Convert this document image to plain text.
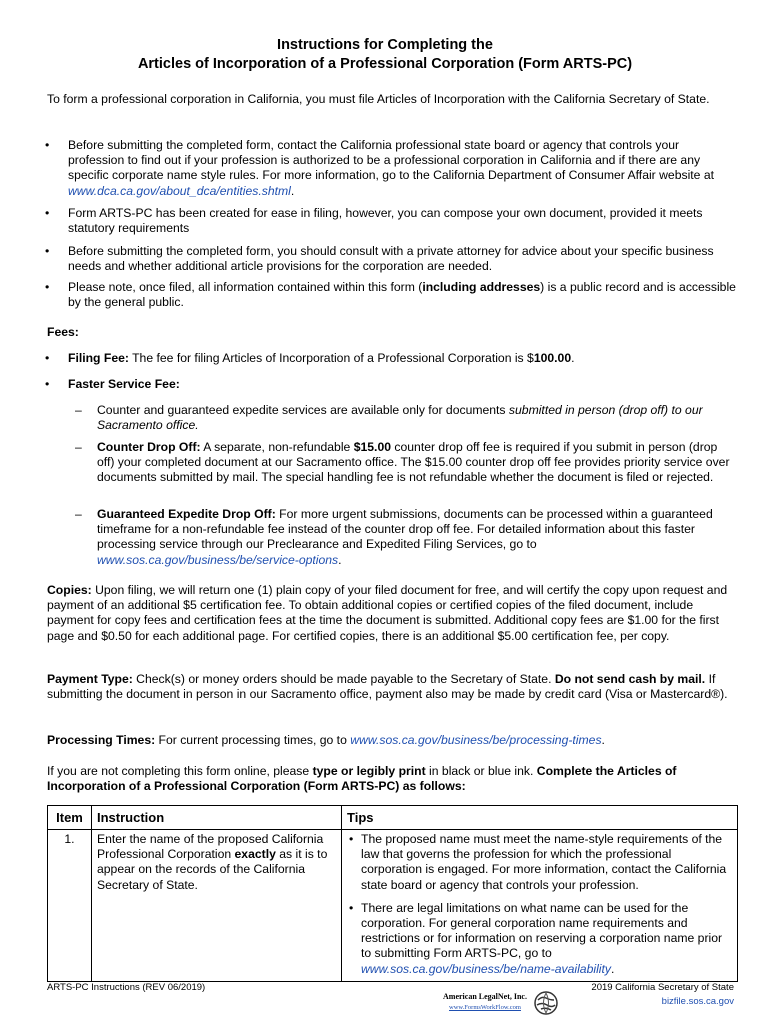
Instructions for Completing the
Articles of Incorporation of a Professional Corporation (Form ARTS-PC)
To form a professional corporation in California, you must file Articles of Incorporation with the California Secretary of State.
• Before submitting the completed form, contact the California professional state board or agency that controls your profession to find out if your profession is authorized to be a professional corporation in California and if there are any specific corporate name style rules. For more information, go to the California Department of Consumer Affair website at www.dca.ca.gov/about_dca/entities.shtml.
• Form ARTS-PC has been created for ease in filing, however, you can compose your own document, provided it meets statutory requirements
• Before submitting the completed form, you should consult with a private attorney for advice about your specific business needs and whether additional article provisions for the corporation are needed.
• Please note, once filed, all information contained within this form (including addresses) is a public record and is accessible by the general public.
Fees:
• Filing Fee: The fee for filing Articles of Incorporation of a Professional Corporation is $100.00.
• Faster Service Fee:
– Counter and guaranteed expedite services are available only for documents submitted in person (drop off) to our Sacramento office.
– Counter Drop Off: A separate, non-refundable $15.00 counter drop off fee is required if you submit in person (drop off) your completed document at our Sacramento office. The $15.00 counter drop off fee provides priority service over documents submitted by mail. The special handling fee is not refundable whether the document is filed or rejected.
– Guaranteed Expedite Drop Off: For more urgent submissions, documents can be processed within a guaranteed timeframe for a non-refundable fee instead of the counter drop off fee. For detailed information about this faster processing service through our Preclearance and Expedited Filing Services, go to www.sos.ca.gov/business/be/service-options.
Copies: Upon filing, we will return one (1) plain copy of your filed document for free, and will certify the copy upon request and payment of an additional $5 certification fee. To obtain additional copies or certified copies of the filed document, include payment for copy fees and certification fees at the time the document is submitted. Additional copy fees are $1.00 for the first page and $0.50 for each additional page. For certified copies, there is an additional $5.00 certification fee, per copy.
Payment Type: Check(s) or money orders should be made payable to the Secretary of State. Do not send cash by mail. If submitting the document in person in our Sacramento office, payment also may be made by credit card (Visa or Mastercard®).
Processing Times: For current processing times, go to www.sos.ca.gov/business/be/processing-times.
If you are not completing this form online, please type or legibly print in black or blue ink. Complete the Articles of Incorporation of a Professional Corporation (Form ARTS-PC) as follows:
Item	Instruction	Tips
1.	Enter the name of the proposed California Professional Corporation exactly as it is to appear on the records of the California Secretary of State.	• The proposed name must meet the name-style requirements of the law that governs the profession for which the professional corporation is engaged. For more information, contact the California state board or agency that controls your profession.
• There are legal limitations on what name can be used for the corporation. For general corporation name requirements and restrictions or for information on reserving a corporation name prior to submitting Form ARTS-PC, go to www.sos.ca.gov/business/be/name-availability.
ARTS-PC Instructions (REV 06/2019)	2019 California Secretary of State
bizfile.sos.ca.gov
American LegalNet, Inc.
www.FormsWorkFlow.com
